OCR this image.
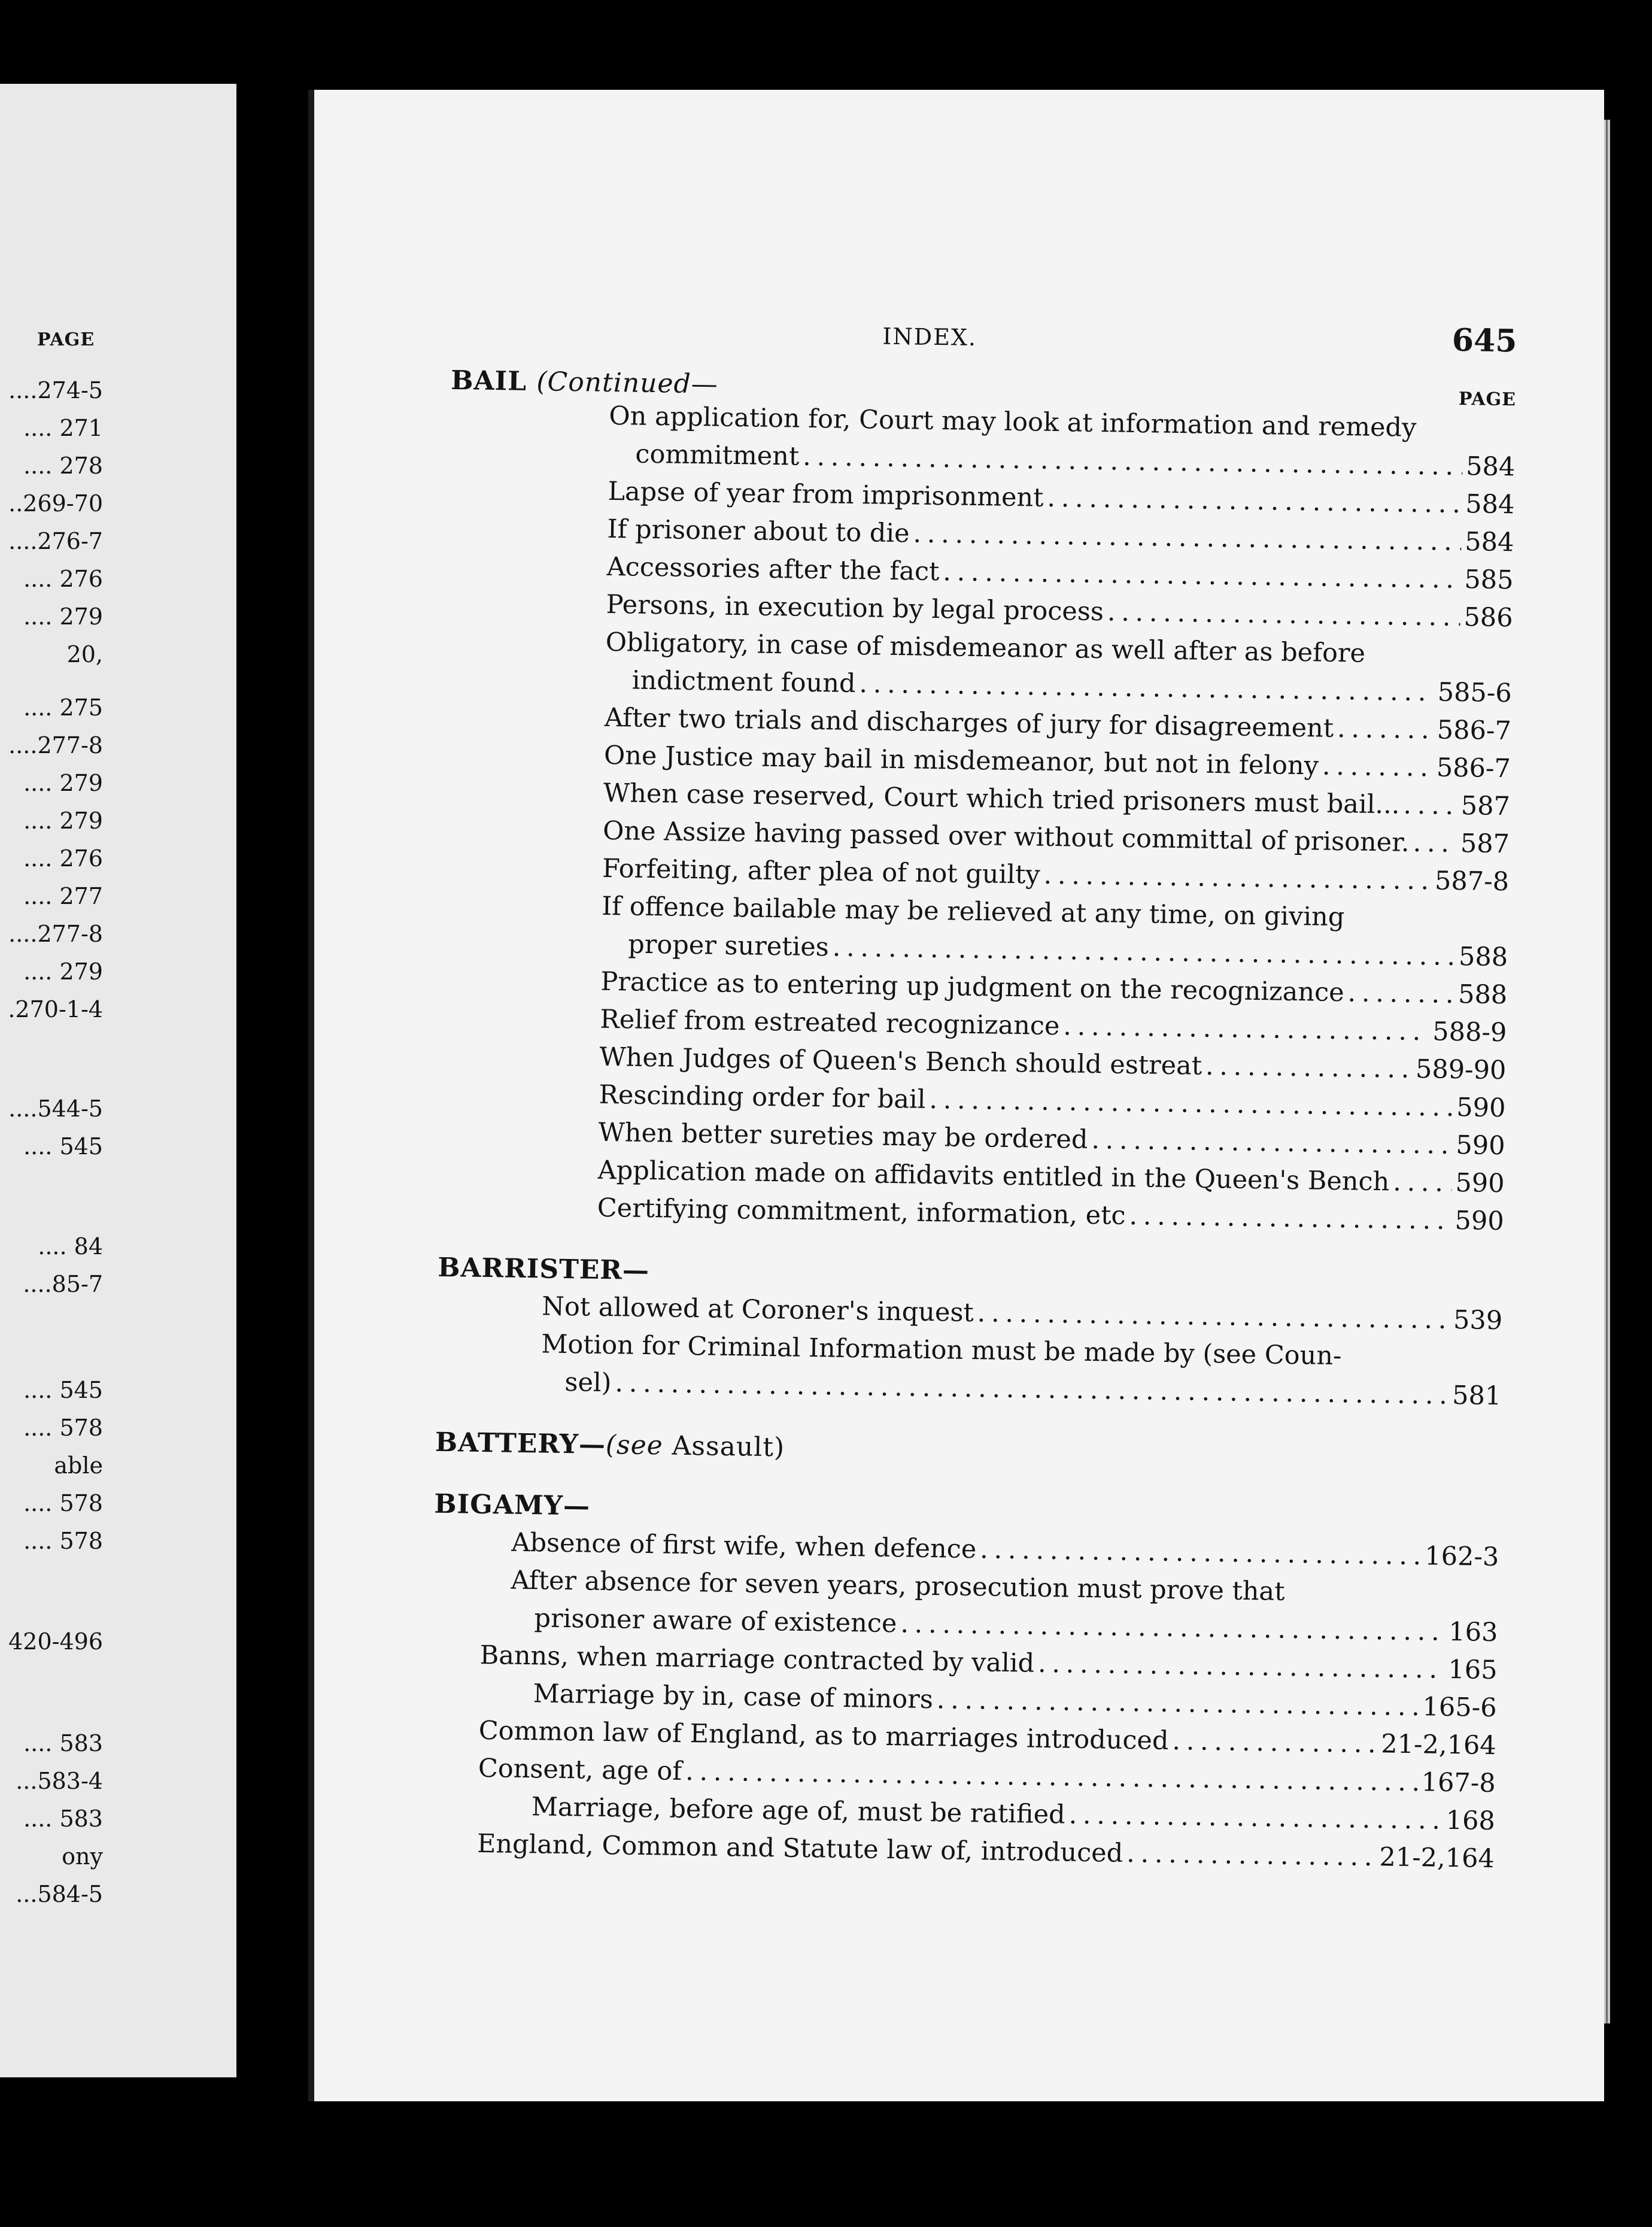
PAGE
....274-5
.... 271
.... 278
..269-70
....276-7
.... 276
.... 279
20,
.... 275
....277-8
.... 279
.... 279
.... 276
.... 277
....277-8
.... 279
.270-1-4
....544-5
.... 545
.... 84
....85-7
.... 545
.... 578
able
.... 578
.... 578
420-496
.... 583
...583-4
.... 583
ony
...584-5
INDEX.	645
BAIL (Continued—	PAGE
On application for, Court may look at information and remedy
commitment . . .	584
Lapse of year from imprisonment . . .	584
If prisoner about to die . . .	584
Accessories after the fact . . .	585
Persons, in execution by legal process . . .	586
Obligatory, in case of misdemeanor as well after as before
indictment found . . .	585-6
After two trials and discharges of jury for disagreement . . .	586-7
One Justice may bail in misdemeanor, but not in felony . . .	586-7
When case reserved, Court which tried prisoners must bail... . . . 587
One Assize having passed over without committal of prisoner. . . . 587
Forfeiting, after plea of not guilty . . .	587-8
If offence bailable may be relieved at any time, on giving
proper sureties . . .	588
Practice as to entering up judgment on the recognizance . . .	588
Relief from estreated recognizance . . .	588-9
When Judges of Queen's Bench should estreat . . .	589-90
Rescinding order for bail . . .	590
When better sureties may be ordered . . .	590
Application made on affidavits entitled in the Queen's Bench . . .	590
Certifying commitment, information, etc . . .	590
BARRISTER—
Not allowed at Coroner's inquest . . .	539
Motion for Criminal Information must be made by (see Coun-
sel) . . .	581
BATTERY—(see Assault)
BIGAMY—
Absence of first wife, when defence . . .	162-3
After absence for seven years, prosecution must prove that
prisoner aware of existence . . .	163
Banns, when marriage contracted by valid . . .	165
Marriage by in, case of minors . . .	165-6
Common law of England, as to marriages introduced . . .	21-2,164
Consent, age of . . .	167-8
Marriage, before age of, must be ratified . . .	168
England, Common and Statute law of, introduced . . .	21-2,164
